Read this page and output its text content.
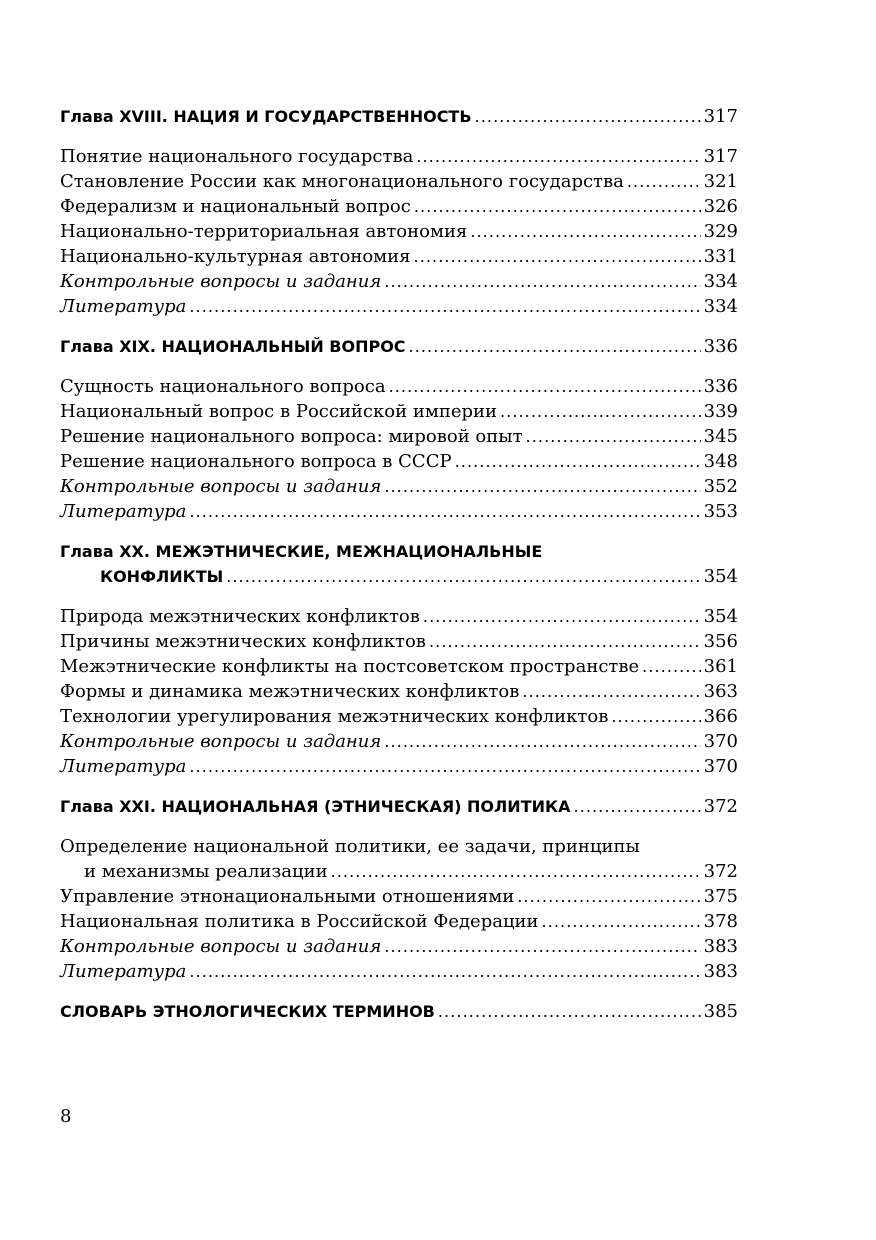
Глава XVIII. НАЦИЯ И ГОСУДАРСТВЕННОСТЬ . . .	317
Понятие национального государства . . .	317
Становление России как многонационального государства . . .	321
Федерализм и национальный вопрос . . .	326
Национально-территориальная автономия . . .	329
Национально-культурная автономия . . .	331
Контрольные вопросы и задания . . .	334
Литература . . .	334
Глава XIX. НАЦИОНАЛЬНЫЙ ВОПРОС . . .	336
Сущность национального вопроса . . .	336
Национальный вопрос в Российской империи . . .	339
Решение национального вопроса: мировой опыт . . .	345
Решение национального вопроса в СССР . . .	348
Контрольные вопросы и задания . . .	352
Литература . . .	353
Глава XX. МЕЖЭТНИЧЕСКИЕ, МЕЖНАЦИОНАЛЬНЫЕ
КОНФЛИКТЫ . . .	354
Природа межэтнических конфликтов . . .	354
Причины межэтнических конфликтов . . .	356
Межэтнические конфликты на постсоветском пространстве . . .	361
Формы и динамика межэтнических конфликтов . . .	363
Технологии урегулирования межэтнических конфликтов . . .	366
Контрольные вопросы и задания . . .	370
Литература . . .	370
Глава XXI. НАЦИОНАЛЬНАЯ (ЭТНИЧЕСКАЯ) ПОЛИТИКА . . .	372
Определение национальной политики, ее задачи, принципы
и механизмы реализации . . .	372
Управление этнонациональными отношениями . . .	375
Национальная политика в Российской Федерации . . .	378
Контрольные вопросы и задания . . .	383
Литература . . .	383
СЛОВАРЬ ЭТНОЛОГИЧЕСКИХ ТЕРМИНОВ . . .	385
8
